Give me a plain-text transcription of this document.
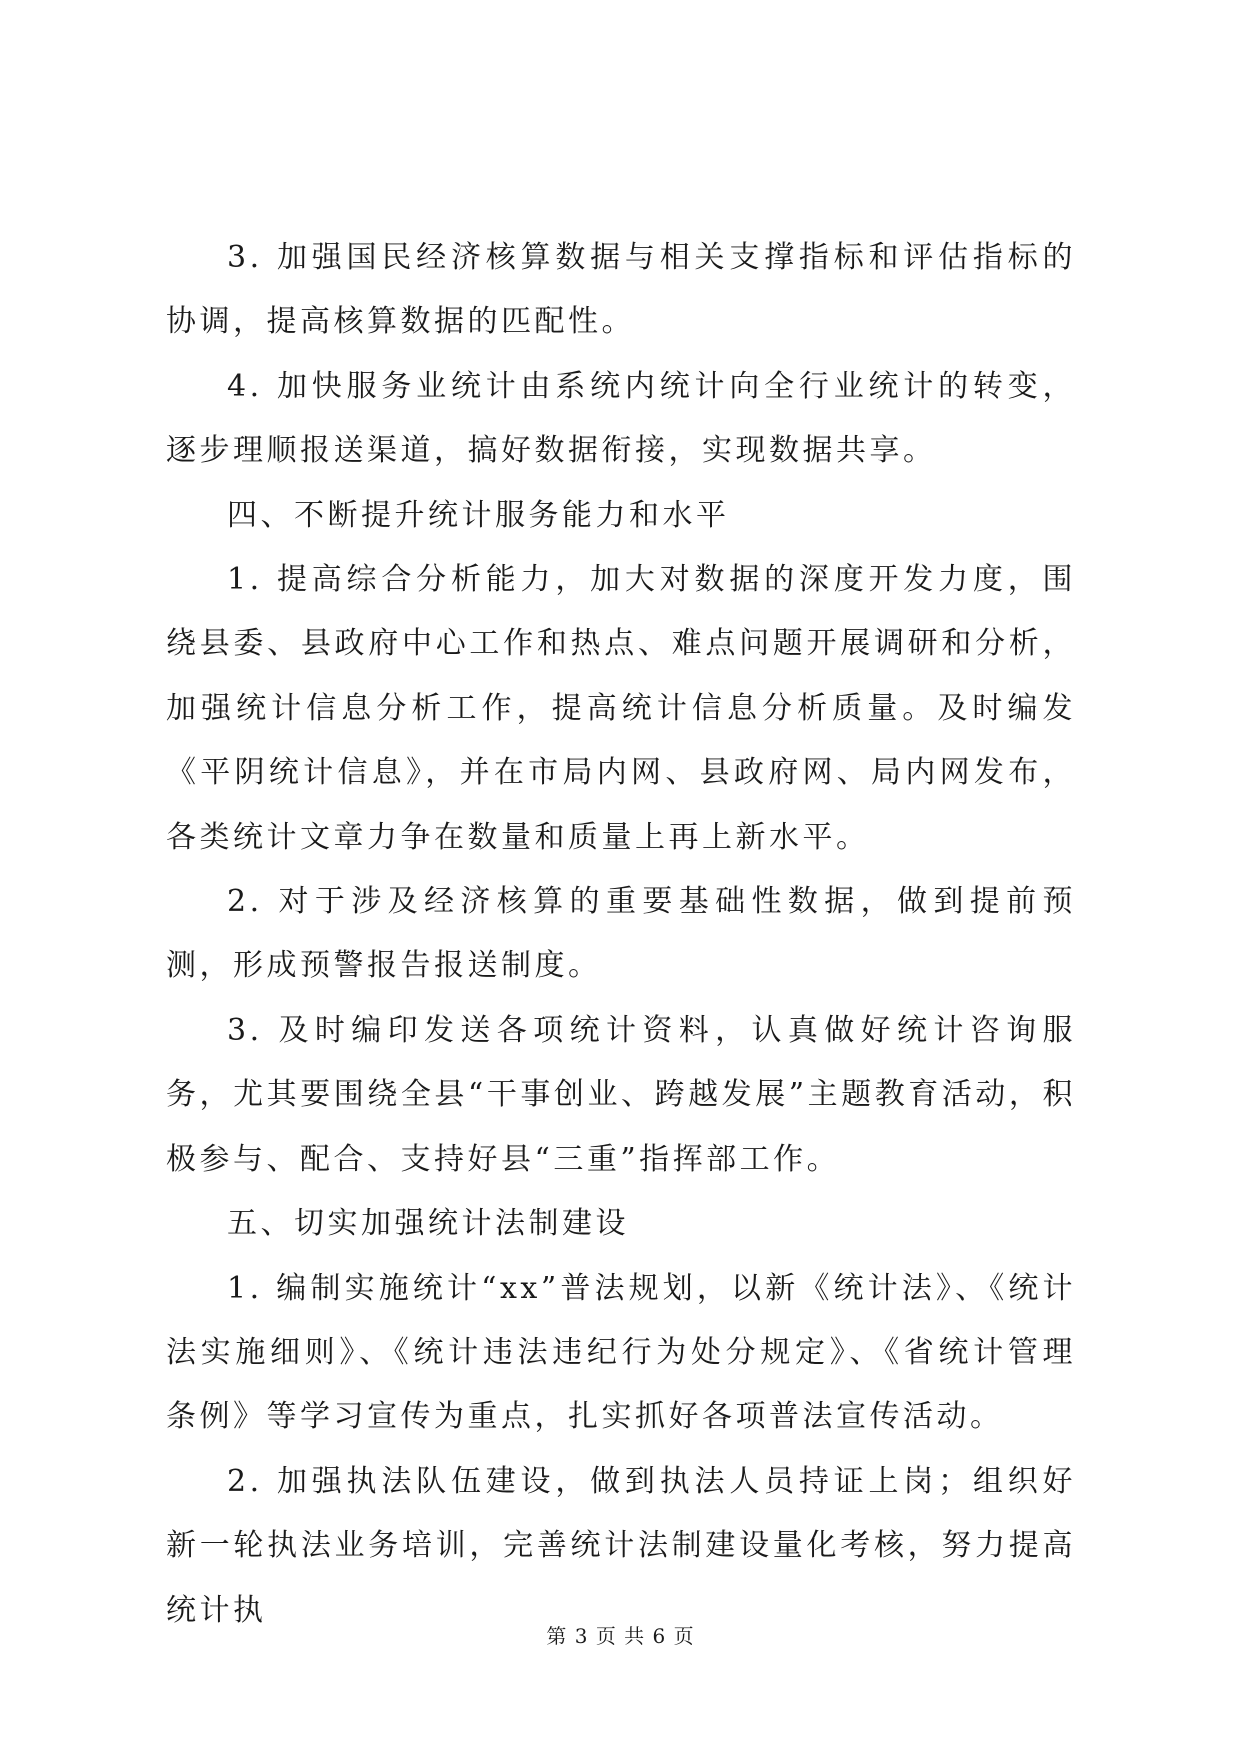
3. 加强国民经济核算数据与相关支撑指标和评估指标的协调，提高核算数据的匹配性。

4. 加快服务业统计由系统内统计向全行业统计的转变，逐步理顺报送渠道，搞好数据衔接，实现数据共享。

四、不断提升统计服务能力和水平

1. 提高综合分析能力，加大对数据的深度开发力度，围绕县委、县政府中心工作和热点、难点问题开展调研和分析，加强统计信息分析工作，提高统计信息分析质量。及时编发《平阴统计信息》，并在市局内网、县政府网、局内网发布，各类统计文章力争在数量和质量上再上新水平。

2. 对于涉及经济核算的重要基础性数据，做到提前预测，形成预警报告报送制度。

3. 及时编印发送各项统计资料，认真做好统计咨询服务，尤其要围绕全县“干事创业、跨越发展”主题教育活动，积极参与、配合、支持好县“三重”指挥部工作。

五、切实加强统计法制建设

1. 编制实施统计“xx”普法规划，以新《统计法》、《统计法实施细则》、《统计违法违纪行为处分规定》、《省统计管理条例》等学习宣传为重点，扎实抓好各项普法宣传活动。

2. 加强执法队伍建设，做到执法人员持证上岗；组织好新一轮执法业务培训，完善统计法制建设量化考核，努力提高统计执

第 3 页 共 6 页
